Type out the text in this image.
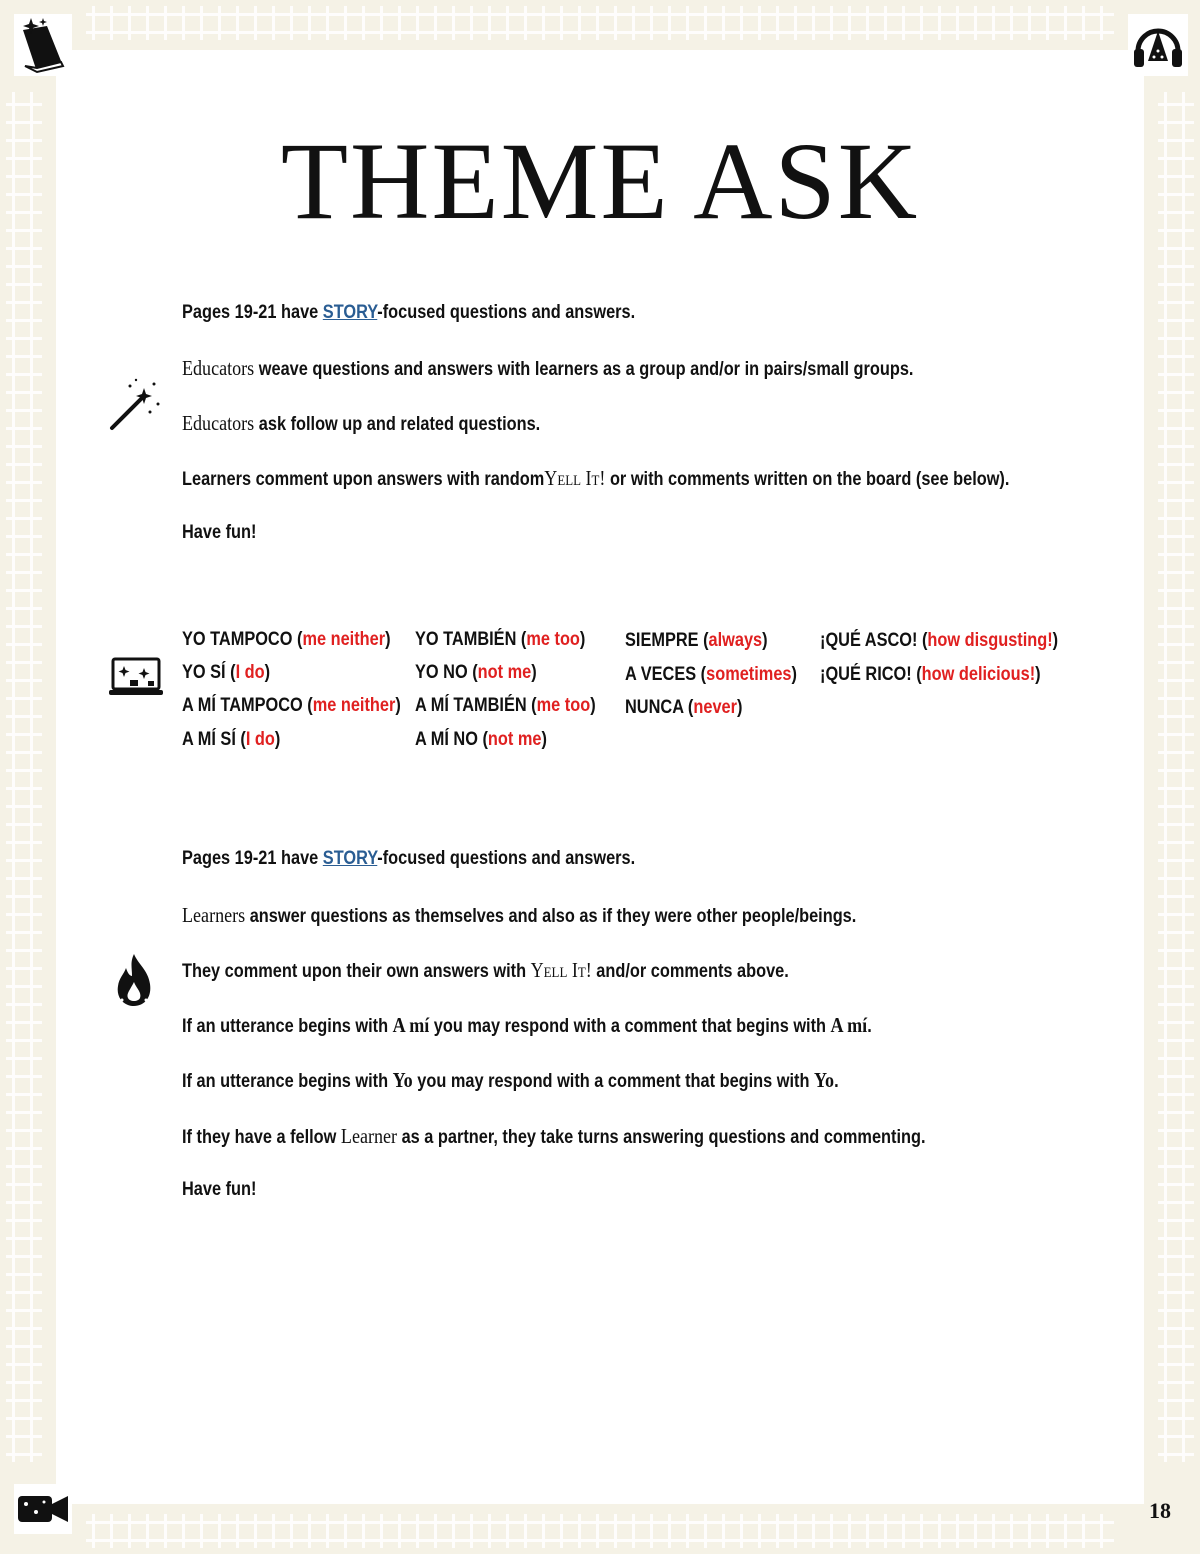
THEME ASK
Pages 19-21 have STORY-focused questions and answers.
Educators weave questions and answers with learners as a group and/or in pairs/small groups.
Educators ask follow up and related questions.
Learners comment upon answers with randomYell It! or with comments written on the board (see below).
Have fun!
YO TAMPOCO (me neither)
YO SÍ (I do)
A MÍ TAMPOCO (me neither)
A MÍ SÍ (I do)
YO TAMBIÉN (me too)
YO NO (not me)
A MÍ TAMBIÉN (me too)
A MÍ NO (not me)
SIEMPRE (always)
A VECES (sometimes)
NUNCA (never)
¡QUÉ ASCO! (how disgusting!)
¡QUÉ RICO! (how delicious!)
Pages 19-21 have STORY-focused questions and answers.
Learners answer questions as themselves and also as if they were other people/beings.
They comment upon their own answers with Yell It! and/or comments above.
If an utterance begins with A mí you may respond with a comment that begins with A mí.
If an utterance begins with Yo you may respond with a comment that begins with Yo.
If they have a fellow Learner as a partner, they take turns answering questions and commenting.
Have fun!
18
